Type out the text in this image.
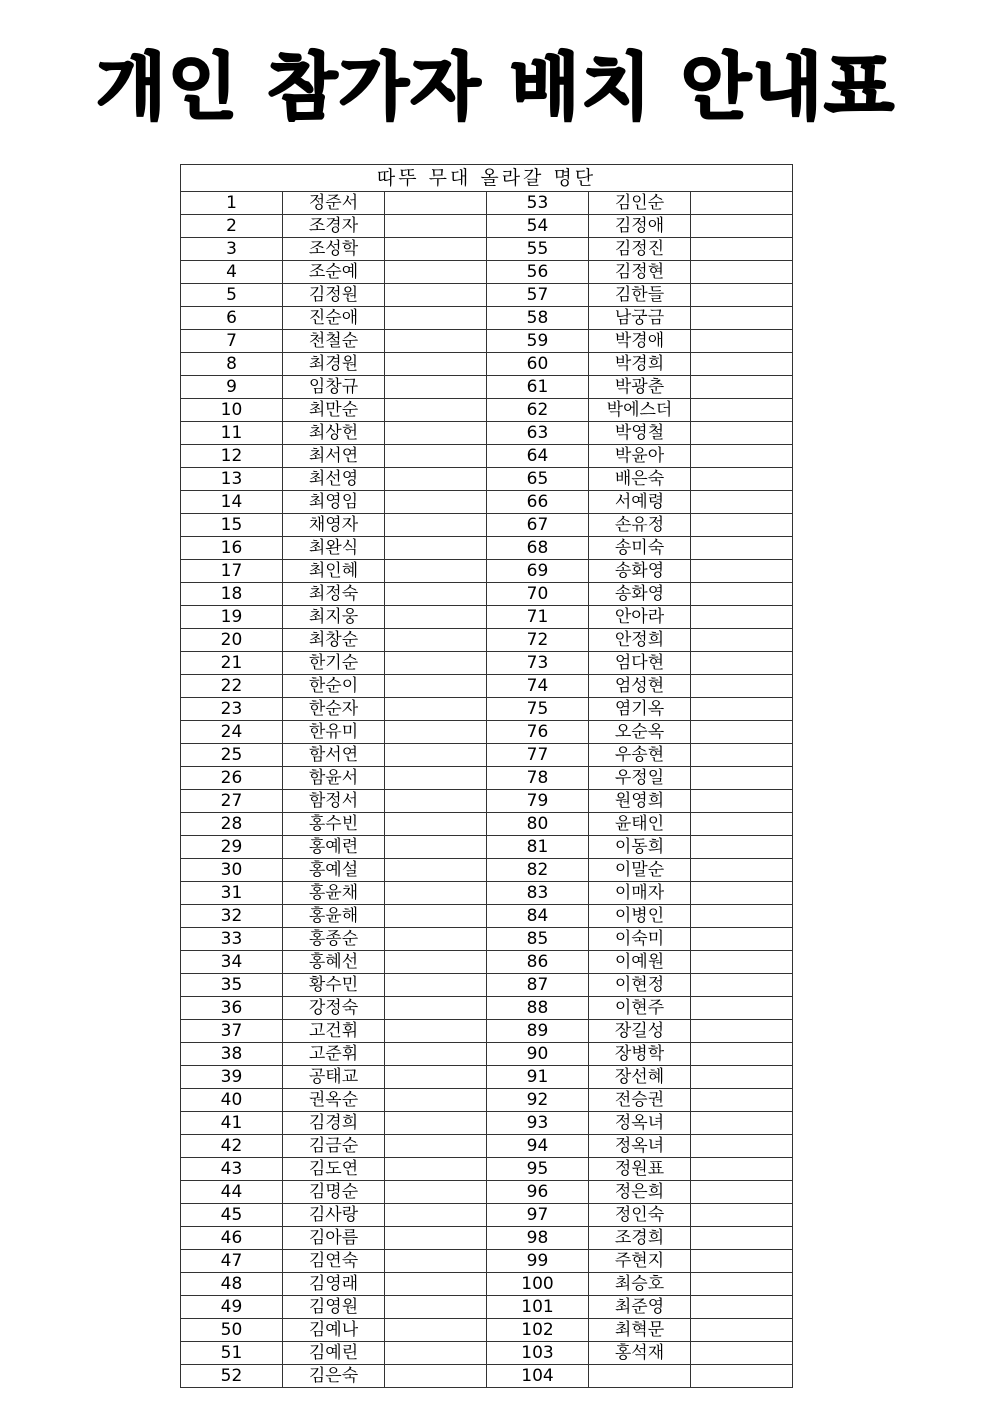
개인 참가자 배치 안내표
따뚜 무대 올라갈 명단					
1	정준서		53	김인순	
2	조경자		54	김정애	
3	조성학		55	김정진	
4	조순예		56	김정현	
5	김정원		57	김한들	
6	진순애		58	남궁금	
7	천철순		59	박경애	
8	최경원		60	박경희	
9	임창규		61	박광춘	
10	최만순		62	박에스더	
11	최상헌		63	박영철	
12	최서연		64	박윤아	
13	최선영		65	배은숙	
14	최영임		66	서예령	
15	채영자		67	손유정	
16	최완식		68	송미숙	
17	최인혜		69	송화영	
18	최정숙		70	송화영	
19	최지웅		71	안아라	
20	최창순		72	안정희	
21	한기순		73	엄다현	
22	한순이		74	엄성현	
23	한순자		75	염기옥	
24	한유미		76	오순옥	
25	함서연		77	우송현	
26	함윤서		78	우정일	
27	함정서		79	원영희	
28	홍수빈		80	윤태인	
29	홍예련		81	이동희	
30	홍예설		82	이말순	
31	홍윤채		83	이매자	
32	홍윤해		84	이병인	
33	홍종순		85	이숙미	
34	홍혜선		86	이예원	
35	황수민		87	이현정	
36	강정숙		88	이현주	
37	고건휘		89	장길성	
38	고준휘		90	장병학	
39	공태교		91	장선혜	
40	권옥순		92	전승권	
41	김경희		93	정옥녀	
42	김금순		94	정옥녀	
43	김도연		95	정원표	
44	김명순		96	정은희	
45	김사랑		97	정인숙	
46	김아름		98	조경희	
47	김연숙		99	주현지	
48	김영래		100	최승호	
49	김영원		101	최준영	
50	김예나		102	최혁문	
51	김예린		103	홍석재	
52	김은숙		104		
